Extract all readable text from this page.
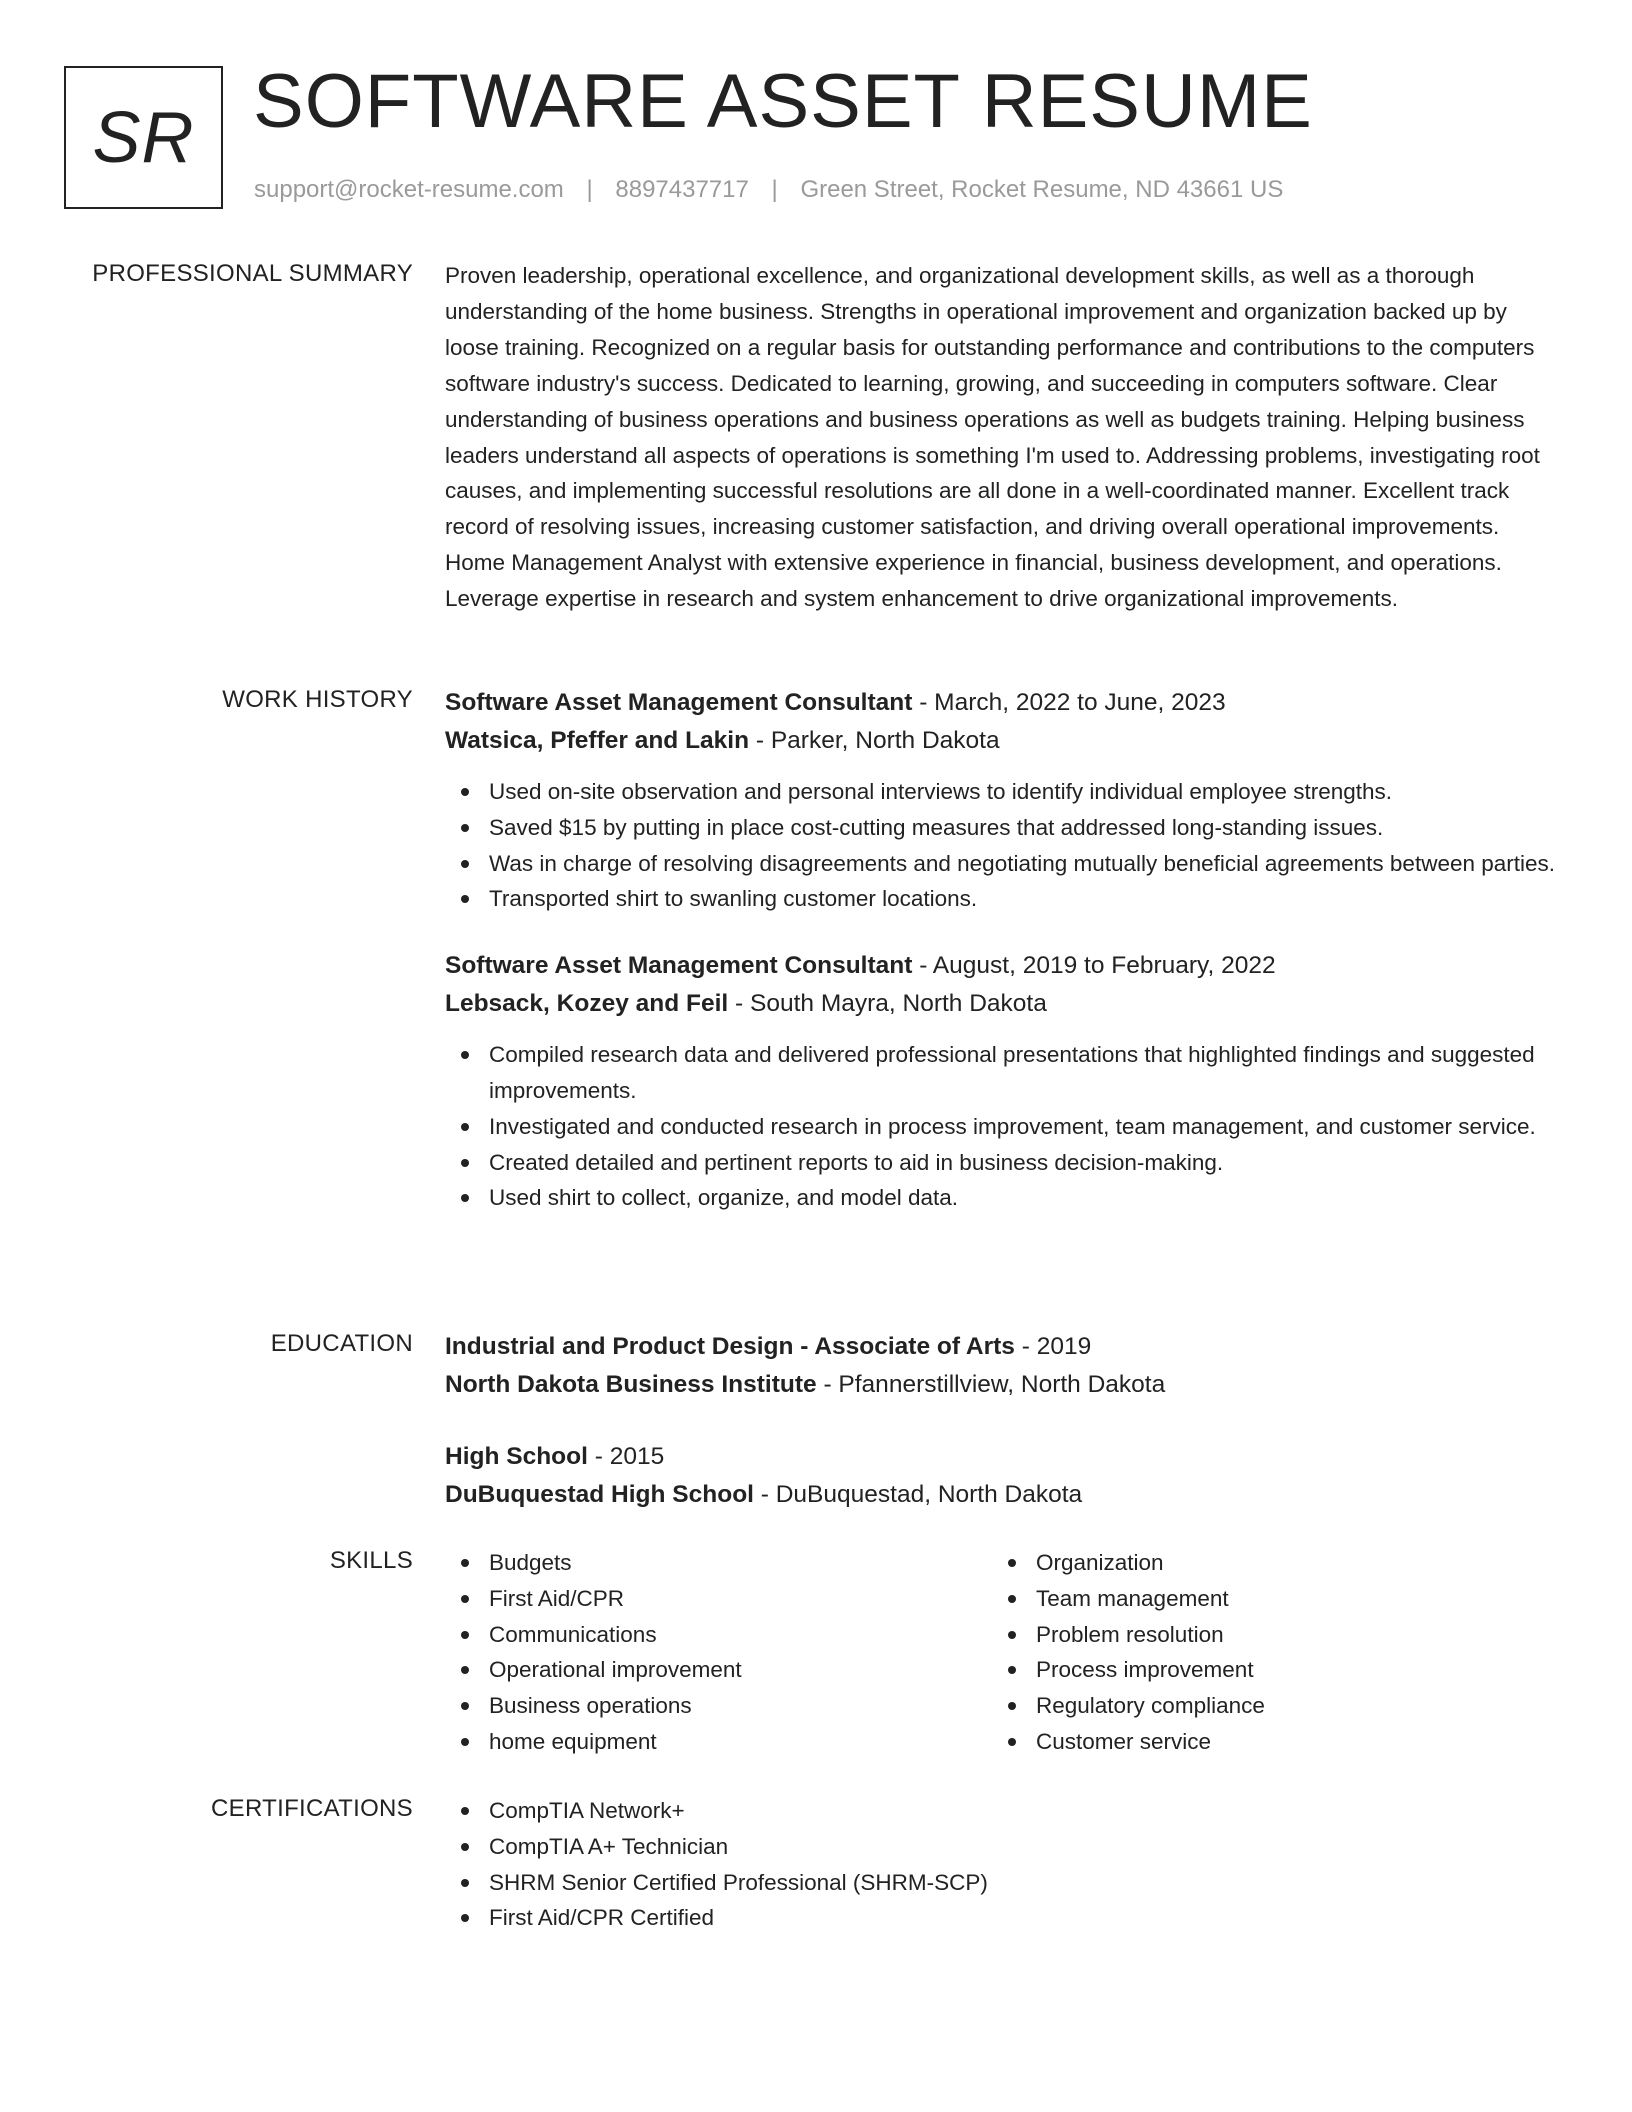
SR SOFTWARE ASSET RESUME
support@rocket-resume.com | 8897437717 | Green Street, Rocket Resume, ND 43661 US
PROFESSIONAL SUMMARY Proven leadership, operational excellence, and organizational development skills, as well as a thorough understanding of the home business. Strengths in operational improvement and organization backed up by loose training. Recognized on a regular basis for outstanding performance and contributions to the computers software industry's success. Dedicated to learning, growing, and succeeding in computers software. Clear understanding of business operations and business operations as well as budgets training. Helping business leaders understand all aspects of operations is something I'm used to. Addressing problems, investigating root causes, and implementing successful resolutions are all done in a well-coordinated manner. Excellent track record of resolving issues, increasing customer satisfaction, and driving overall operational improvements. Home Management Analyst with extensive experience in financial, business development, and operations. Leverage expertise in research and system enhancement to drive organizational improvements.
WORK HISTORY Software Asset Management Consultant - March, 2022 to June, 2023
Watsica, Pfeffer and Lakin - Parker, North Dakota
Used on-site observation and personal interviews to identify individual employee strengths.
Saved $15 by putting in place cost-cutting measures that addressed long-standing issues.
Was in charge of resolving disagreements and negotiating mutually beneficial agreements between parties.
Transported shirt to swanling customer locations.
Software Asset Management Consultant - August, 2019 to February, 2022
Lebsack, Kozey and Feil - South Mayra, North Dakota
Compiled research data and delivered professional presentations that highlighted findings and suggested improvements.
Investigated and conducted research in process improvement, team management, and customer service.
Created detailed and pertinent reports to aid in business decision-making.
Used shirt to collect, organize, and model data.
EDUCATION Industrial and Product Design - Associate of Arts - 2019
North Dakota Business Institute - Pfannerstillview, North Dakota
High School - 2015
DuBuquestad High School - DuBuquestad, North Dakota
SKILLS	Budgets
First Aid/CPR
Communications
Operational improvement
Business operations
home equipment
Organization
Team management
Problem resolution
Process improvement
Regulatory compliance
Customer service
CERTIFICATIONS	CompTIA Network+
CompTIA A+ Technician
SHRM Senior Certified Professional (SHRM-SCP)
First Aid/CPR Certified
